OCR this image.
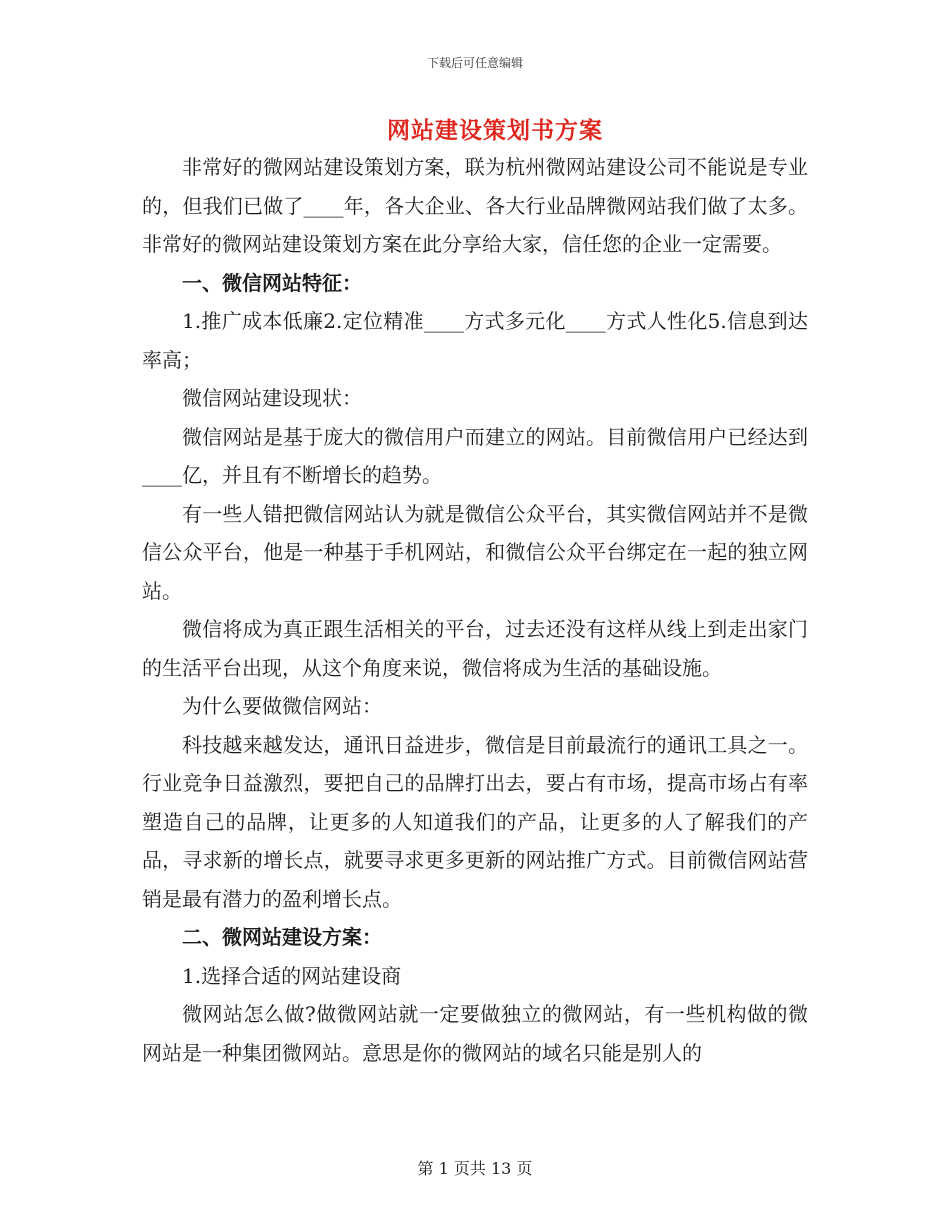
下载后可任意编辑
网站建设策划书方案

非常好的微网站建设策划方案，联为杭州微网站建设公司不能说是专业的，但我们已做了____年，各大企业、各大行业品牌微网站我们做了太多。非常好的微网站建设策划方案在此分享给大家，信任您的企业一定需要。

一、微信网站特征：

1.推广成本低廉2.定位精准____方式多元化____方式人性化5.信息到达率高；

微信网站建设现状：

微信网站是基于庞大的微信用户而建立的网站。目前微信用户已经达到____亿，并且有不断增长的趋势。

有一些人错把微信网站认为就是微信公众平台，其实微信网站并不是微信公众平台，他是一种基于手机网站，和微信公众平台绑定在一起的独立网站。

微信将成为真正跟生活相关的平台，过去还没有这样从线上到走出家门的生活平台出现，从这个角度来说，微信将成为生活的基础设施。

为什么要做微信网站：

科技越来越发达，通讯日益进步，微信是目前最流行的通讯工具之一。行业竞争日益激烈，要把自己的品牌打出去，要占有市场，提高市场占有率塑造自己的品牌，让更多的人知道我们的产品，让更多的人了解我们的产品，寻求新的增长点，就要寻求更多更新的网站推广方式。目前微信网站营销是最有潜力的盈利增长点。

二、微网站建设方案：

1.选择合适的网站建设商

微网站怎么做?做微网站就一定要做独立的微网站，有一些机构做的微网站是一种集团微网站。意思是你的微网站的域名只能是别人的

第 1 页共 13 页
